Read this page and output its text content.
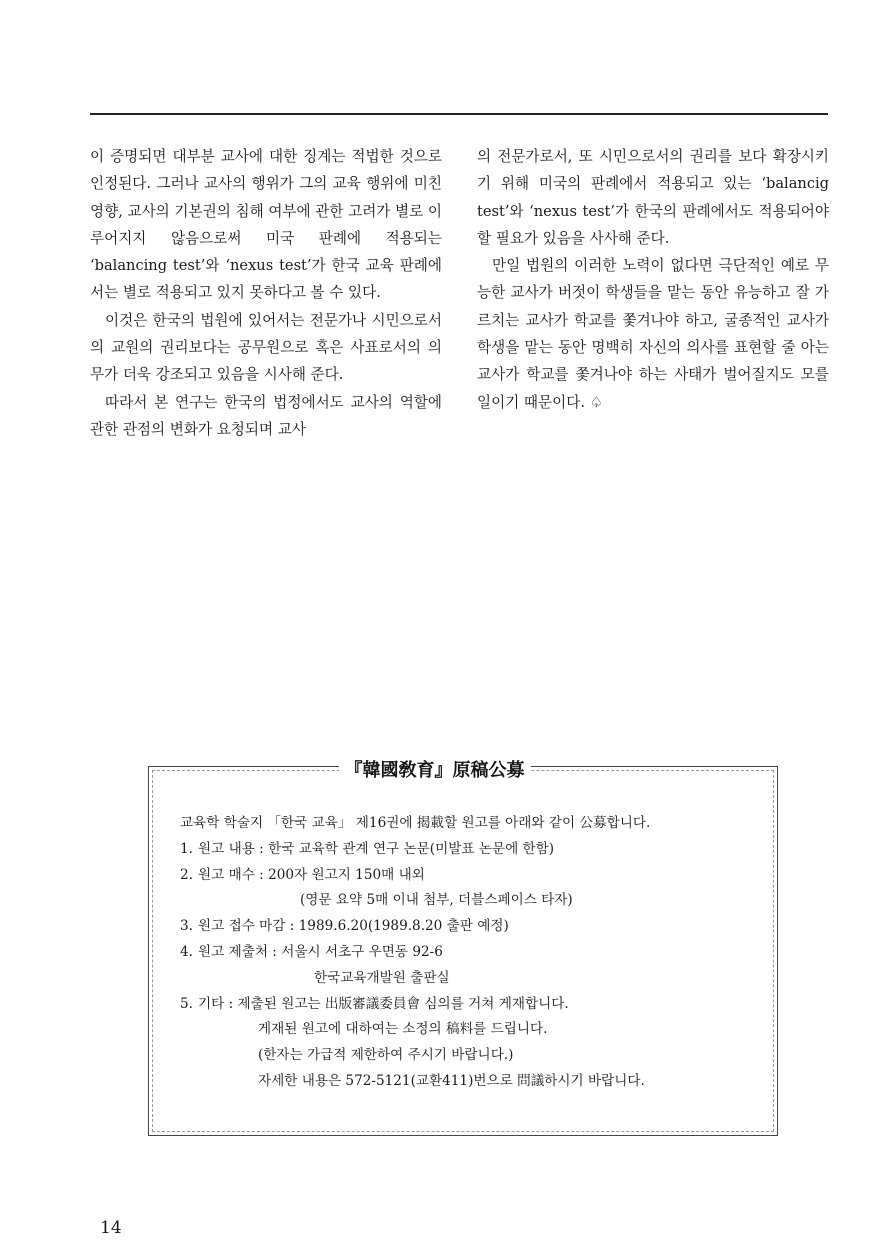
이 증명되면 대부분 교사에 대한 징계는 적법한 것으로 인정된다. 그러나 교사의 행위가 그의 교육 행위에 미친 영향, 교사의 기본권의 침해 여부에 관한 고려가 별로 이루어지지 않음으로써 미국 판례에 적용되는 ‘balancing test’와 ‘nexus test’가 한국 교육 판례에서는 별로 적용되고 있지 못하다고 볼 수 있다.

이것은 한국의 법원에 있어서는 전문가나 시민으로서의 교원의 권리보다는 공무원으로 혹은 사표로서의 의무가 더욱 강조되고 있음을 시사해 준다.

따라서 본 연구는 한국의 법정에서도 교사의 역할에 관한 관점의 변화가 요청되며 교사

의 전문가로서, 또 시민으로서의 권리를 보다 확장시키기 위해 미국의 판례에서 적용되고 있는 ‘balancig test’와 ‘nexus test’가 한국의 판례에서도 적용되어야 할 필요가 있음을 사사해 준다.

만일 법원의 이러한 노력이 없다면 극단적인 예로 무능한 교사가 버젓이 학생들을 맡는 동안 유능하고 잘 가르치는 교사가 학교를 쫓겨나야 하고, 굴종적인 교사가 학생을 맡는 동안 명백히 자신의 의사를 표현할 줄 아는 교사가 학교를 쫓겨나야 하는 사태가 벌어질지도 모를 일이기 때문이다. ♤

『韓國敎育』原稿公募
교육학 학술지 「한국 교육」 제16권에 揭載할 원고를 아래와 같이 公募합니다.
1. 원고 내용 : 한국 교육학 관계 연구 논문(미발표 논문에 한함)
2. 원고 매수 : 200자 원고지 150매 내외
(영문 요약 5매 이내 첨부, 더블스페이스 타자)
3. 원고 접수 마감 : 1989.6.20(1989.8.20 출판 예정)
4. 원고 제출처 : 서울시 서초구 우면동 92-6
한국교육개발원 출판실
5. 기타 : 제출된 원고는 出版審議委員會 심의를 거쳐 게재합니다.
게재된 원고에 대하여는 소정의 稿料를 드립니다.
(한자는 가급적 제한하여 주시기 바랍니다.)
자세한 내용은 572-5121(교환411)번으로 問議하시기 바랍니다.
14
